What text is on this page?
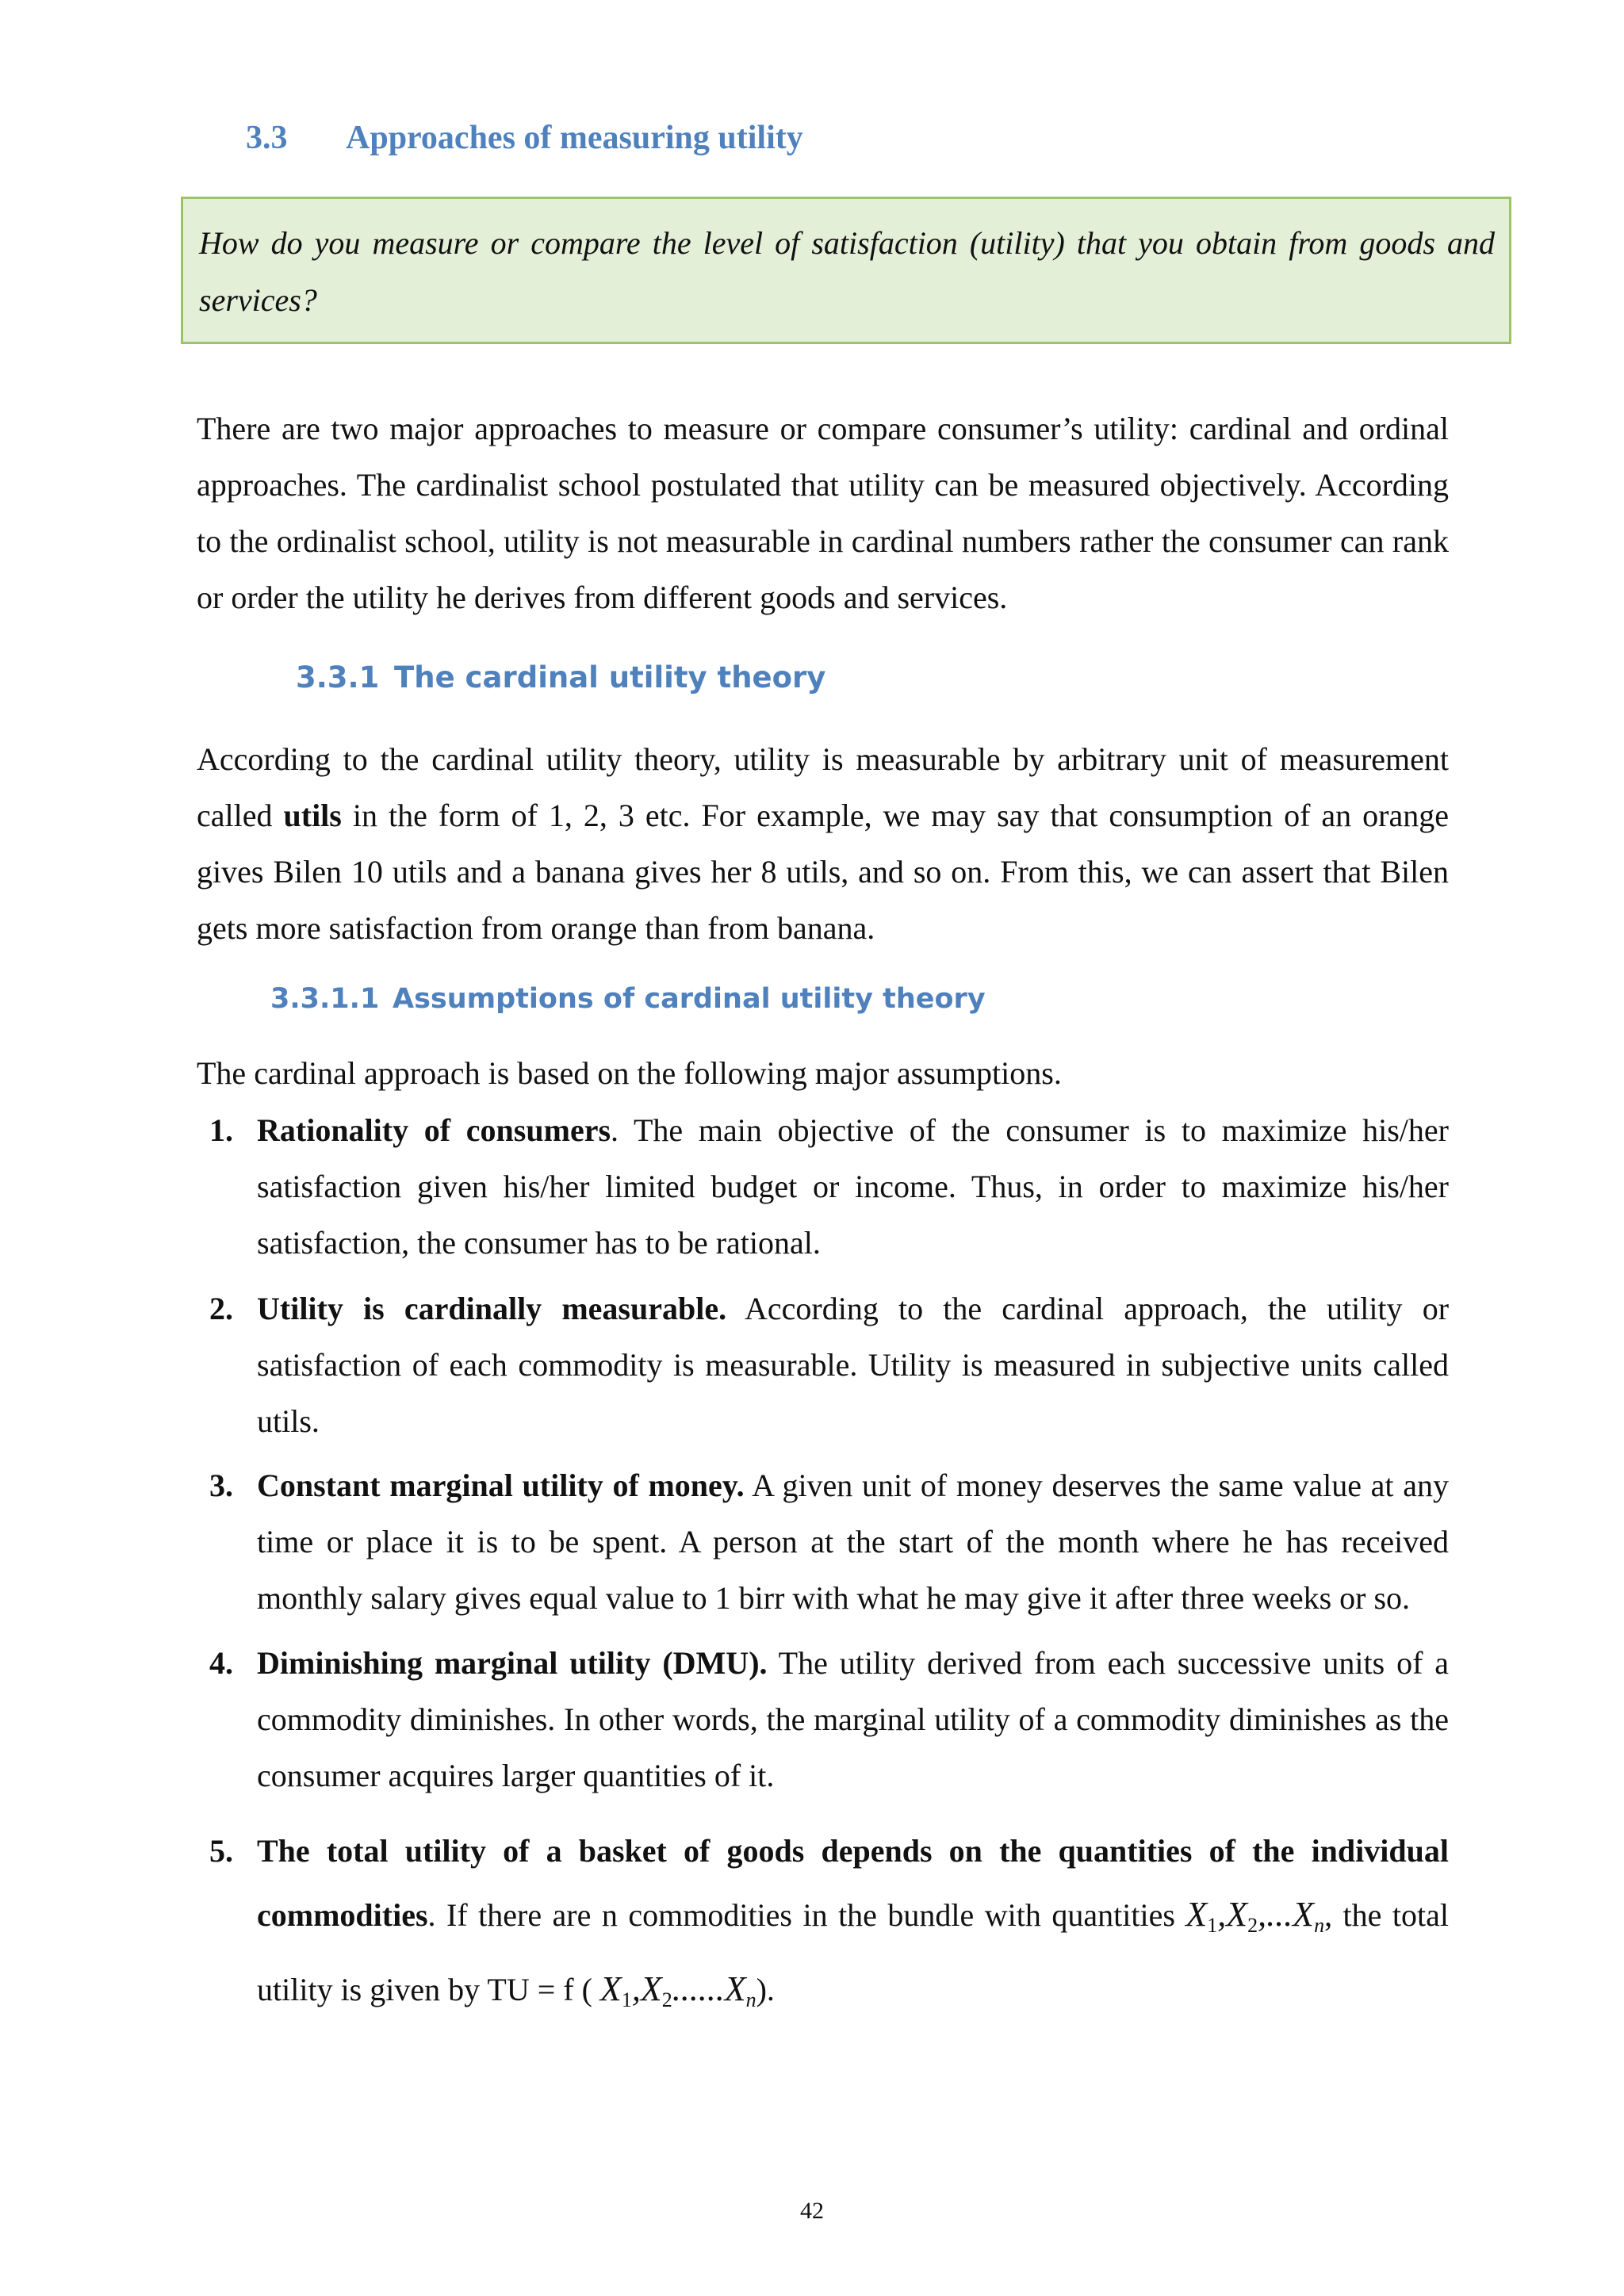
3.3 Approaches of measuring utility
How do you measure or compare the level of satisfaction (utility) that you obtain from goods and services?
There are two major approaches to measure or compare consumer’s utility: cardinal and ordinal approaches. The cardinalist school postulated that utility can be measured objectively. According to the ordinalist school, utility is not measurable in cardinal numbers rather the consumer can rank or order the utility he derives from different goods and services.
3.3.1 The cardinal utility theory
According to the cardinal utility theory, utility is measurable by arbitrary unit of measurement called utils in the form of 1, 2, 3 etc. For example, we may say that consumption of an orange gives Bilen 10 utils and a banana gives her 8 utils, and so on. From this, we can assert that Bilen gets more satisfaction from orange than from banana.
3.3.1.1 Assumptions of cardinal utility theory
The cardinal approach is based on the following major assumptions.
1. Rationality of consumers. The main objective of the consumer is to maximize his/her satisfaction given his/her limited budget or income. Thus, in order to maximize his/her satisfaction, the consumer has to be rational.
2. Utility is cardinally measurable. According to the cardinal approach, the utility or satisfaction of each commodity is measurable. Utility is measured in subjective units called utils.
3. Constant marginal utility of money. A given unit of money deserves the same value at any time or place it is to be spent. A person at the start of the month where he has received monthly salary gives equal value to 1 birr with what he may give it after three weeks or so.
4. Diminishing marginal utility (DMU). The utility derived from each successive units of a commodity diminishes. In other words, the marginal utility of a commodity diminishes as the consumer acquires larger quantities of it.
5. The total utility of a basket of goods depends on the quantities of the individual commodities. If there are n commodities in the bundle with quantities $X_1,X_2,...X_n$, the total utility is given by TU = f ( $X_1,X_2......X_n$).
42
